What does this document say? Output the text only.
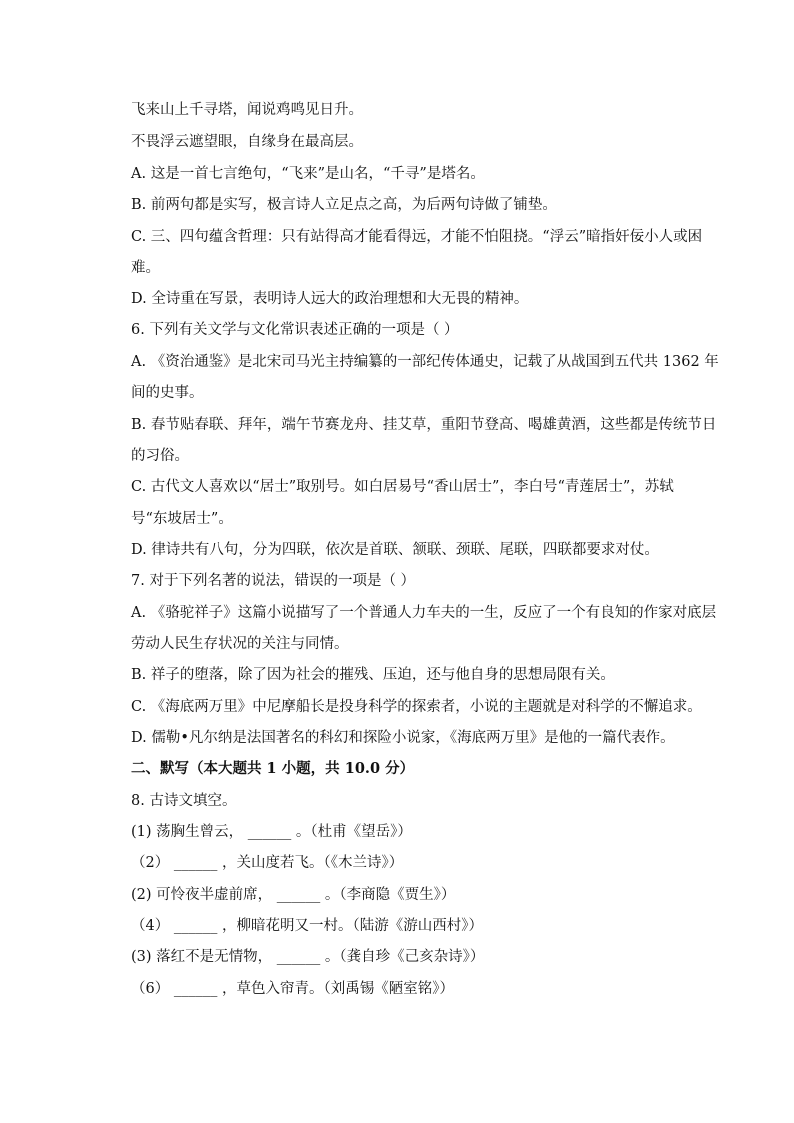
飞来山上千寻塔，闻说鸡鸣见日升。
不畏浮云遮望眼，自缘身在最高层。
A. 这是一首七言绝句，“飞来”是山名，“千寻”是塔名。
B. 前两句都是实写，极言诗人立足点之高，为后两句诗做了铺垫。
C. 三、四句蕴含哲理：只有站得高才能看得远，才能不怕阻挠。“浮云”暗指奸佞小人或困
难。
D. 全诗重在写景，表明诗人远大的政治理想和大无畏的精神。
6. 下列有关文学与文化常识表述正确的一项是（ ）
A. 《资治通鉴》是北宋司马光主持编纂的一部纪传体通史，记载了从战国到五代共 1362 年
间的史事。
B. 春节贴春联、拜年，端午节赛龙舟、挂艾草，重阳节登高、喝雄黄酒，这些都是传统节日
的习俗。
C. 古代文人喜欢以“居士”取别号。如白居易号“香山居士”，李白号“青莲居士”，苏轼
号“东坡居士”。
D. 律诗共有八句，分为四联，依次是首联、颔联、颈联、尾联，四联都要求对仗。
7. 对于下列名著的说法，错误的一项是（ ）
A. 《骆驼祥子》这篇小说描写了一个普通人力车夫的一生，反应了一个有良知的作家对底层
劳动人民生存状况的关注与同情。
B. 祥子的堕落，除了因为社会的摧残、压迫，还与他自身的思想局限有关。
C. 《海底两万里》中尼摩船长是投身科学的探索者，小说的主题就是对科学的不懈追求。
D. 儒勒•凡尔纳是法国著名的科幻和探险小说家，《海底两万里》是他的一篇代表作。
二、默写（本大题共 1 小题，共 10.0 分）
8. 古诗文填空。
(1) 荡胸生曾云， ______ 。（杜甫《望岳》）
（2） ______ ，关山度若飞。（《木兰诗》）
(2) 可怜夜半虚前席， ______ 。（李商隐《贾生》）
（4） ______ ，柳暗花明又一村。（陆游《游山西村》）
(3) 落红不是无情物， ______ 。（龚自珍《己亥杂诗》）
（6） ______ ，草色入帘青。（刘禹锡《陋室铭》）
